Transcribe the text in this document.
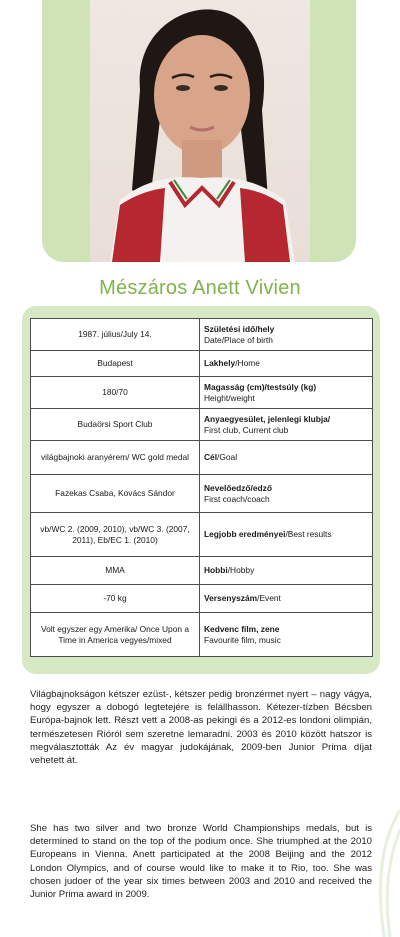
Mészáros Anett Vivien
1987. július/July 14.	Születési idő/hely
Date/Place of birth
Budapest	Lakhely/Home
180/70	Magasság (cm)/testsúly (kg)
Height/weight
Budaörsi Sport Club	Anyaegyesület, jelenlegi klubja/
First club, Current club
világbajnoki aranyérem/ WC gold medal	Cél/Goal
Fazekas Csaba, Kovács Sándor	Nevelőedző/edző
First coach/coach
vb/WC 2. (2009, 2010), vb/WC 3. (2007, 2011), Eb/EC 1. (2010)	Legjobb eredményei/Best results
MMA	Hobbi/Hobby
-70 kg	Versenyszám/Event
Volt egyszer egy Amerika/ Once Upon a Time in America vegyes/mixed	Kedvenc film, zene
Favourite film, music

Világbajnokságon kétszer ezüst-, kétszer pedig bronzérmet nyert – nagy vágya, hogy egyszer a dobogó legtetejére is felállhasson. Kétezer-tízben Bécsben Európa-bajnok lett. Részt vett a 2008-as pekingi és a 2012-es londoni olimpián, természetesen Rióról sem szeretne lemaradni. 2003 és 2010 között hatszor is megválasztották Az év magyar judokájának, 2009-ben Junior Prima díjat vehetett át.

She has two silver and two bronze World Championships medals, but is determined to stand on the top of the podium once. She triumphed at the 2010 Europeans in Vienna. Anett participated at the 2008 Beijing and the 2012 London Olympics, and of course would like to make it to Rio, too. She was chosen judoer of the year six times between 2003 and 2010 and received the Junior Prima award in 2009.
